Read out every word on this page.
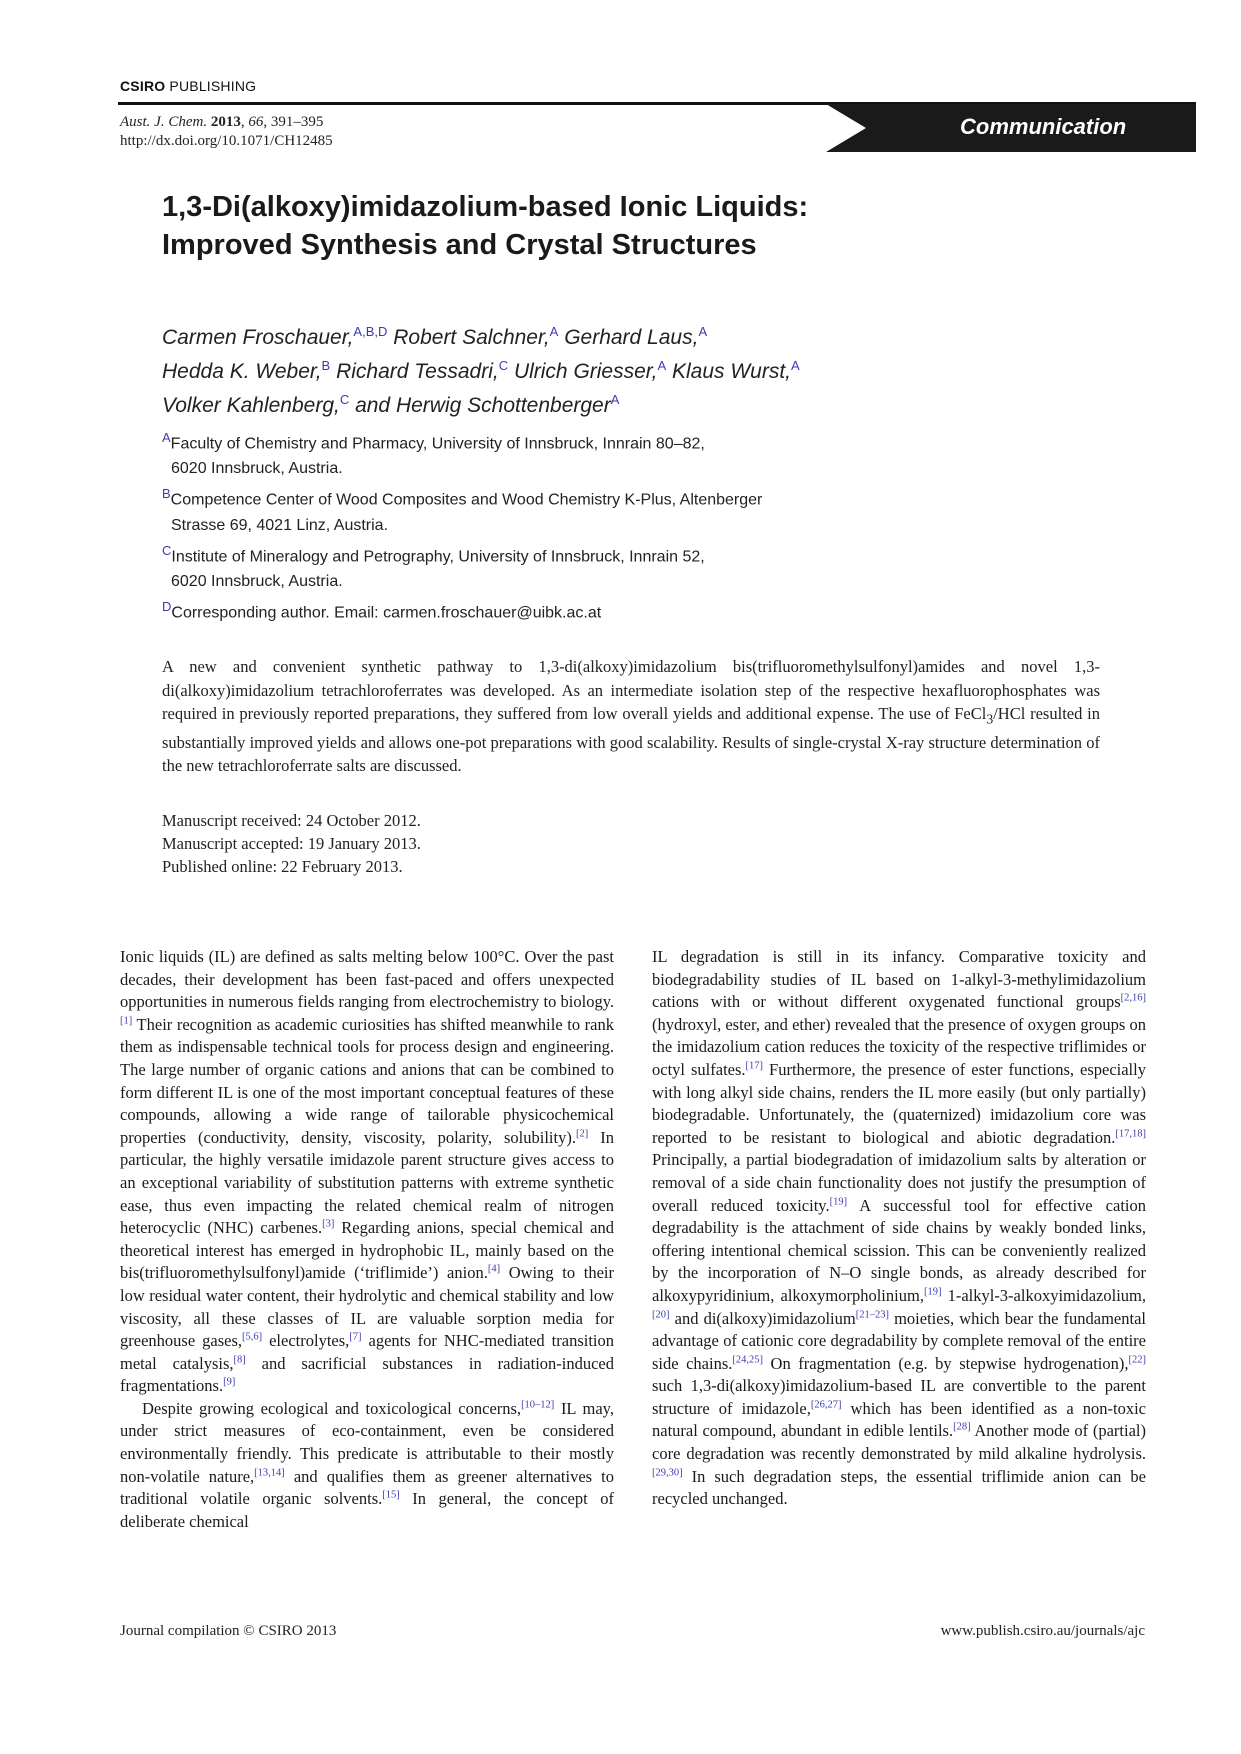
CSIRO PUBLISHING
Aust. J. Chem. 2013, 66, 391–395
http://dx.doi.org/10.1071/CH12485
Communication
1,3-Di(alkoxy)imidazolium-based Ionic Liquids:
Improved Synthesis and Crystal Structures
Carmen Froschauer,$^{A,B,D}$ Robert Salchner,$^A$ Gerhard Laus,$^A$
Hedda K. Weber,$^B$ Richard Tessadri,$^C$ Ulrich Griesser,$^A$ Klaus Wurst,$^A$
Volker Kahlenberg,$^C$ and Herwig Schottenberger$^A$
$^A$Faculty of Chemistry and Pharmacy, University of Innsbruck, Innrain 80–82,
6020 Innsbruck, Austria.
$^B$Competence Center of Wood Composites and Wood Chemistry K-Plus, Altenberger
Strasse 69, 4021 Linz, Austria.
$^C$Institute of Mineralogy and Petrography, University of Innsbruck, Innrain 52,
6020 Innsbruck, Austria.
$^D$Corresponding author. Email: carmen.froschauer@uibk.ac.at
A new and convenient synthetic pathway to 1,3-di(alkoxy)imidazolium bis(trifluoromethylsulfonyl)amides and novel 1,3-di(alkoxy)imidazolium tetrachloroferrates was developed. As an intermediate isolation step of the respective hexafluorophosphates was required in previously reported preparations, they suffered from low overall yields and additional expense. The use of FeCl$_3$/HCl resulted in substantially improved yields and allows one-pot preparations with good scalability. Results of single-crystal X-ray structure determination of the new tetrachloroferrate salts are discussed.
Manuscript received: 24 October 2012.
Manuscript accepted: 19 January 2013.
Published online: 22 February 2013.

Ionic liquids (IL) are defined as salts melting below 100°C. Over the past decades, their development has been fast-paced and offers unexpected opportunities in numerous fields ranging from electrochemistry to biology.[1] Their recognition as academic curiosities has shifted meanwhile to rank them as indispensable technical tools for process design and engineering. The large number of organic cations and anions that can be combined to form different IL is one of the most important conceptual features of these compounds, allowing a wide range of tailorable physicochemical properties (conductivity, density, viscosity, polarity, solubility).[2] In particular, the highly versatile imidazole parent structure gives access to an exceptional variability of substitution patterns with extreme synthetic ease, thus even impacting the related chemical realm of nitrogen heterocyclic (NHC) carbenes.[3] Regarding anions, special chemical and theoretical interest has emerged in hydrophobic IL, mainly based on the bis(trifluoromethylsulfonyl)amide (‘triflimide’) anion.[4] Owing to their low residual water content, their hydrolytic and chemical stability and low viscosity, all these classes of IL are valuable sorption media for greenhouse gases,[5,6] electrolytes,[7] agents for NHC-mediated transition metal catalysis,[8] and sacrificial substances in radiation-induced fragmentations.[9]

Despite growing ecological and toxicological concerns,[10–12] IL may, under strict measures of eco-containment, even be considered environmentally friendly. This predicate is attributable to their mostly non-volatile nature,[13,14] and qualifies them as greener alternatives to traditional volatile organic solvents.[15] In general, the concept of deliberate chemical

IL degradation is still in its infancy. Comparative toxicity and biodegradability studies of IL based on 1-alkyl-3-methylimidazolium cations with or without different oxygenated functional groups[2,16] (hydroxyl, ester, and ether) revealed that the presence of oxygen groups on the imidazolium cation reduces the toxicity of the respective triflimides or octyl sulfates.[17] Furthermore, the presence of ester functions, especially with long alkyl side chains, renders the IL more easily (but only partially) biodegradable. Unfortunately, the (quaternized) imidazolium core was reported to be resistant to biological and abiotic degradation.[17,18] Principally, a partial biodegradation of imidazolium salts by alteration or removal of a side chain functionality does not justify the presumption of overall reduced toxicity.[19] A successful tool for effective cation degradability is the attachment of side chains by weakly bonded links, offering intentional chemical scission. This can be conveniently realized by the incorporation of N–O single bonds, as already described for alkoxypyridinium, alkoxymorpholinium,[19] 1-alkyl-3-alkoxyimidazolium,[20] and di(alkoxy)imidazolium[21–23] moieties, which bear the fundamental advantage of cationic core degradability by complete removal of the entire side chains.[24,25] On fragmentation (e.g. by stepwise hydrogenation),[22] such 1,3-di(alkoxy)imidazolium-based IL are convertible to the parent structure of imidazole,[26,27] which has been identified as a non-toxic natural compound, abundant in edible lentils.[28] Another mode of (partial) core degradation was recently demonstrated by mild alkaline hydrolysis.[29,30] In such degradation steps, the essential triflimide anion can be recycled unchanged.

Journal compilation © CSIRO 2013	www.publish.csiro.au/journals/ajc
